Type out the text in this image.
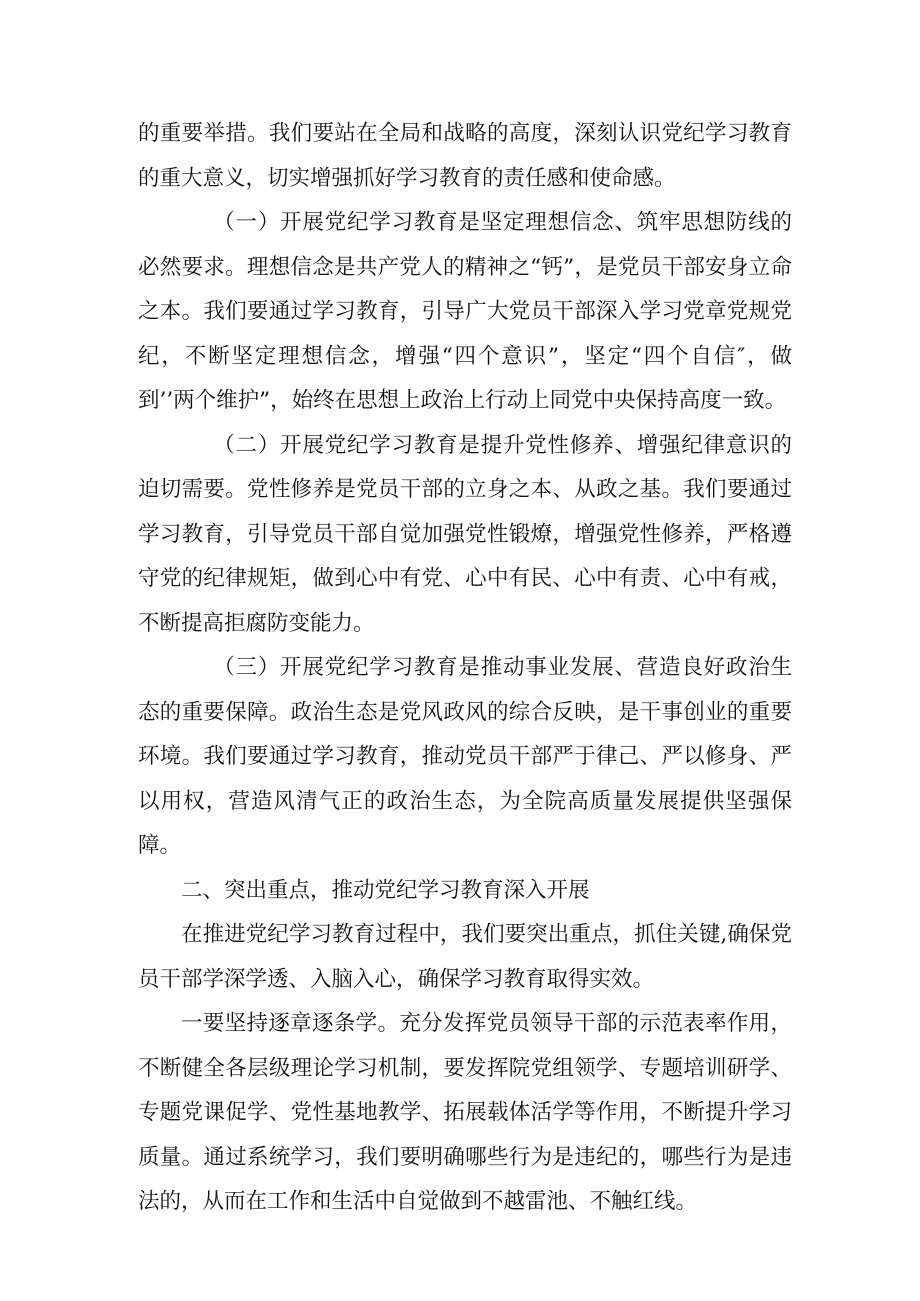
的重要举措。我们要站在全局和战略的高度，深刻认识党纪学习教育的重大意义，切实增强抓好学习教育的责任感和使命感。

（一）开展党纪学习教育是坚定理想信念、筑牢思想防线的必然要求。理想信念是共产党人的精神之“钙”，是党员干部安身立命之本。我们要通过学习教育，引导广大党员干部深入学习党章党规党纪，不断坚定理想信念，增强“四个意识”，坚定“四个自信″，做到’’两个维护”，始终在思想上政治上行动上同党中央保持高度一致。

（二）开展党纪学习教育是提升党性修养、增强纪律意识的迫切需要。党性修养是党员干部的立身之本、从政之基。我们要通过学习教育，引导党员干部自觉加强党性锻燎，增强党性修养，严格遵守党的纪律规矩，做到心中有党、心中有民、心中有责、心中有戒，不断提高拒腐防变能力。

（三）开展党纪学习教育是推动事业发展、营造良好政治生态的重要保障。政治生态是党风政风的综合反映，是干事创业的重要环境。我们要通过学习教育，推动党员干部严于律己、严以修身、严以用权，营造风清气正的政治生态，为全院高质量发展提供坚强保障。

二、突出重点，推动党纪学习教育深入开展

在推进党纪学习教育过程中，我们要突出重点，抓住关键,确保党员干部学深学透、入脑入心，确保学习教育取得实效。

一要坚持逐章逐条学。充分发挥党员领导干部的示范表率作用，不断健全各层级理论学习机制，要发挥院党组领学、专题培训研学、专题党课促学、党性基地教学、拓展载体活学等作用，不断提升学习质量。通过系统学习，我们要明确哪些行为是违纪的，哪些行为是违法的，从而在工作和生活中自觉做到不越雷池、不触红线。
